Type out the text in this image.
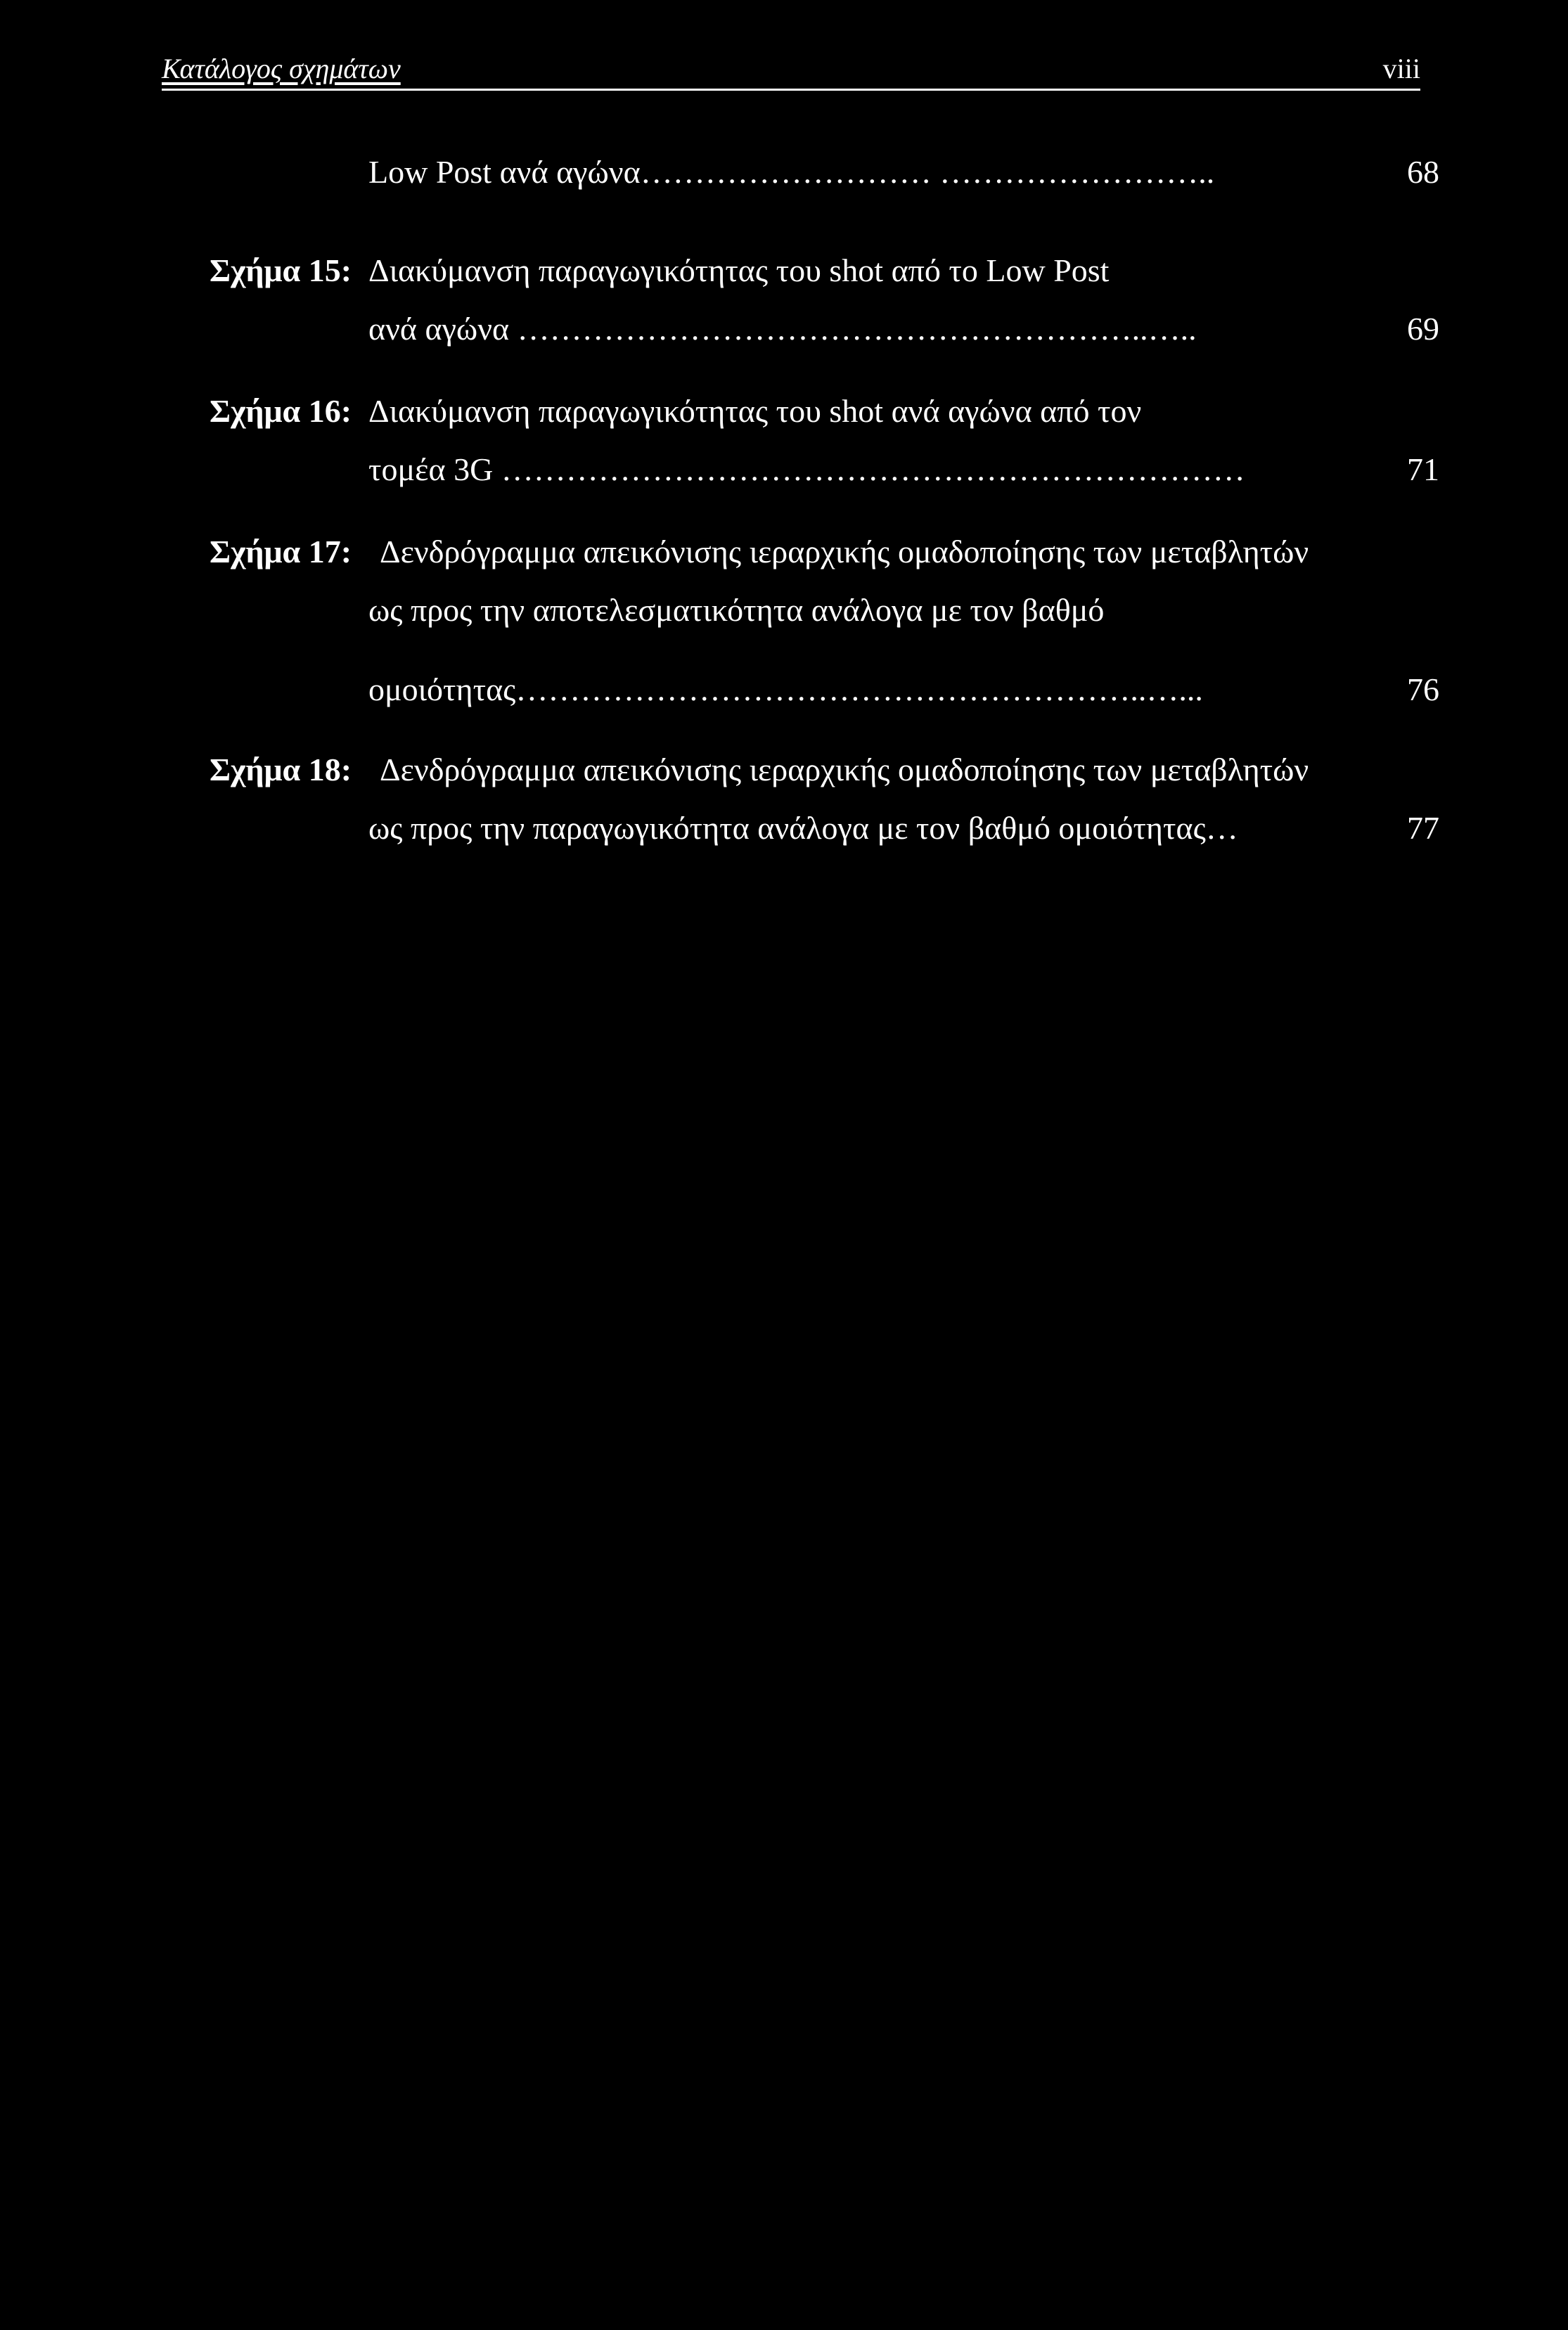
Κατάλογος σχημάτων	viii
Low Post ανά αγώνα……………………… ……………………..	68
Σχήμα 15: Διακύμανση παραγωγικότητας του shot από το Low Post
ανά αγώνα …………………………………………………..…..	69
Σχήμα 16: Διακύμανση παραγωγικότητας του shot ανά αγώνα από τον
τομέα 3G ……………………………………………………………	71
Σχήμα 17: Δενδρόγραμμα απεικόνισης ιεραρχικής ομαδοποίησης των μεταβλητών
ως προς την αποτελεσματικότητα ανάλογα με τον βαθμό
ομοιότητας…………………………………………………..…...	76
Σχήμα 18: Δενδρόγραμμα απεικόνισης ιεραρχικής ομαδοποίησης των μεταβλητών
ως προς την παραγωγικότητα ανάλογα με τον βαθμό ομοιότητας…	77
